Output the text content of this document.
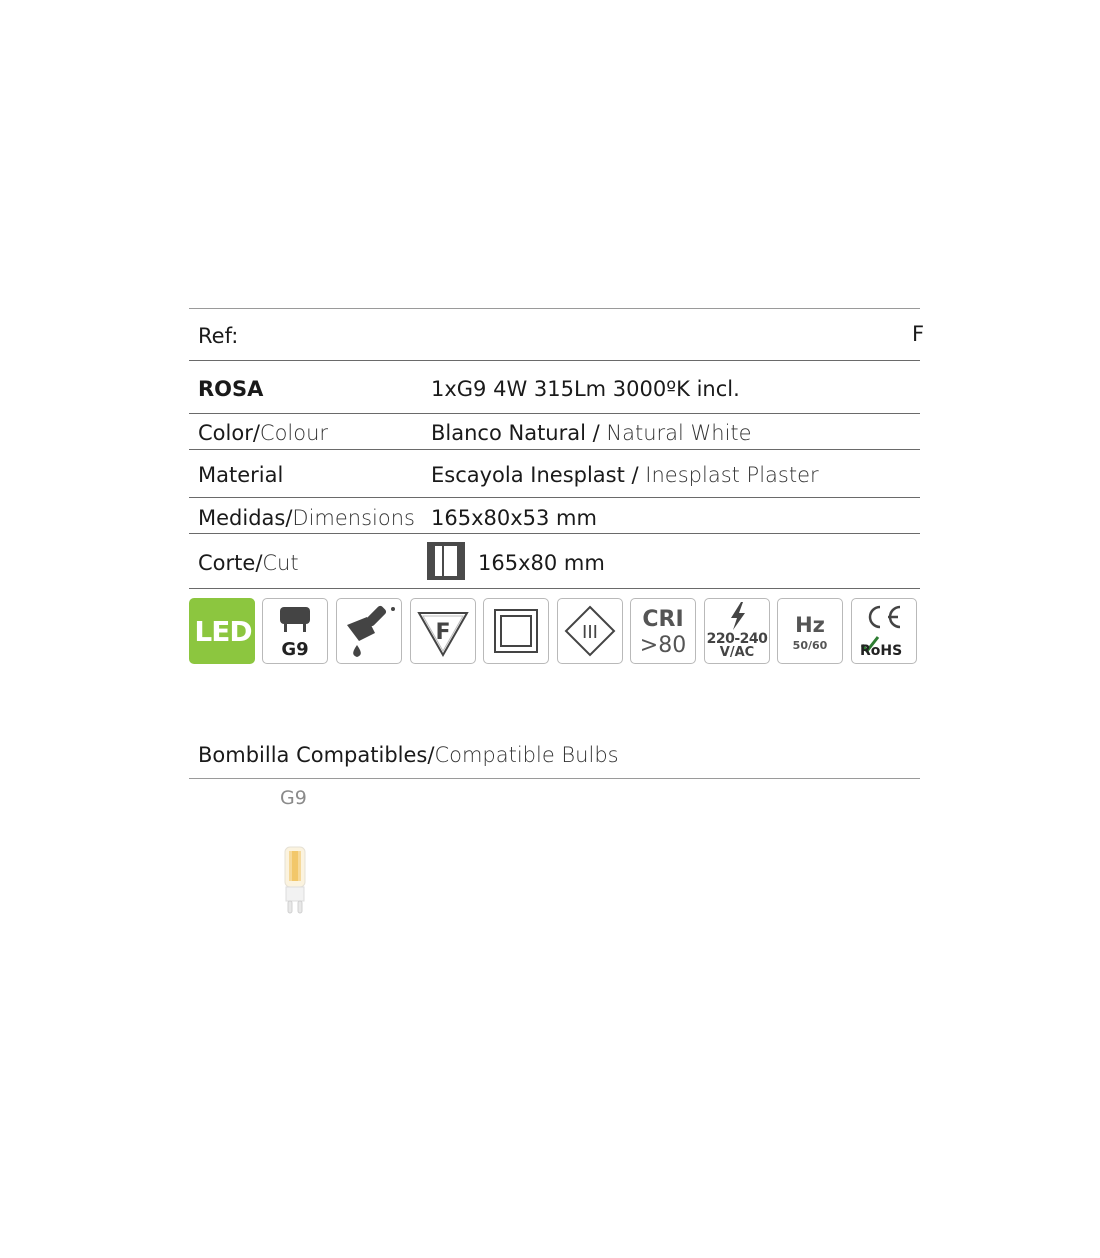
Ref:	F
ROSA	1xG9 4W 315Lm 3000ºK incl.
Color/Colour	Blanco Natural / Natural White
Material	Escayola Inesplast / Inesplast Plaster
Medidas/Dimensions 165x80x53 mm
Corte/Cut	165x80 mm
LED
G9
F	III
CRI
>80	220-240
V/AC
Hz
50/60	RoHS
Bombilla Compatibles/Compatible Bulbs
G9
